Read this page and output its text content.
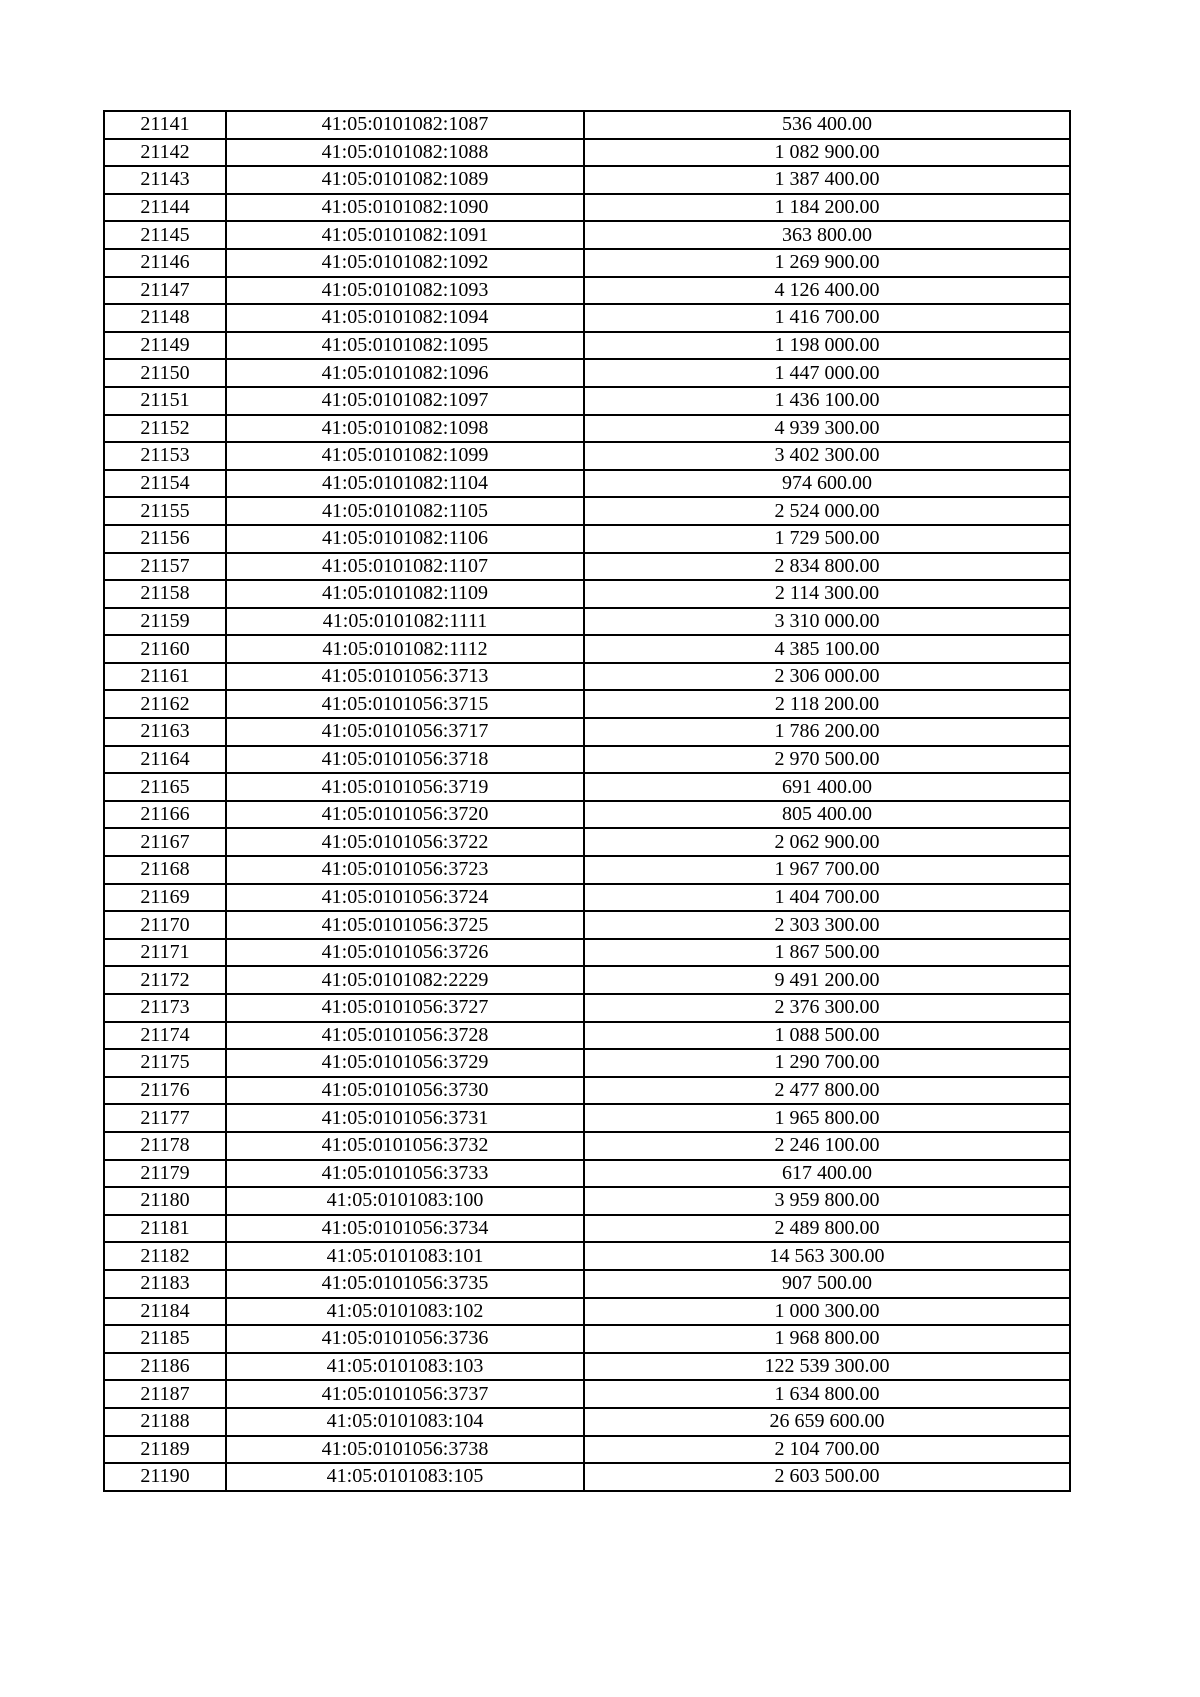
21141	41:05:0101082:1087	536 400.00
21142	41:05:0101082:1088	1 082 900.00
21143	41:05:0101082:1089	1 387 400.00
21144	41:05:0101082:1090	1 184 200.00
21145	41:05:0101082:1091	363 800.00
21146	41:05:0101082:1092	1 269 900.00
21147	41:05:0101082:1093	4 126 400.00
21148	41:05:0101082:1094	1 416 700.00
21149	41:05:0101082:1095	1 198 000.00
21150	41:05:0101082:1096	1 447 000.00
21151	41:05:0101082:1097	1 436 100.00
21152	41:05:0101082:1098	4 939 300.00
21153	41:05:0101082:1099	3 402 300.00
21154	41:05:0101082:1104	974 600.00
21155	41:05:0101082:1105	2 524 000.00
21156	41:05:0101082:1106	1 729 500.00
21157	41:05:0101082:1107	2 834 800.00
21158	41:05:0101082:1109	2 114 300.00
21159	41:05:0101082:1111	3 310 000.00
21160	41:05:0101082:1112	4 385 100.00
21161	41:05:0101056:3713	2 306 000.00
21162	41:05:0101056:3715	2 118 200.00
21163	41:05:0101056:3717	1 786 200.00
21164	41:05:0101056:3718	2 970 500.00
21165	41:05:0101056:3719	691 400.00
21166	41:05:0101056:3720	805 400.00
21167	41:05:0101056:3722	2 062 900.00
21168	41:05:0101056:3723	1 967 700.00
21169	41:05:0101056:3724	1 404 700.00
21170	41:05:0101056:3725	2 303 300.00
21171	41:05:0101056:3726	1 867 500.00
21172	41:05:0101082:2229	9 491 200.00
21173	41:05:0101056:3727	2 376 300.00
21174	41:05:0101056:3728	1 088 500.00
21175	41:05:0101056:3729	1 290 700.00
21176	41:05:0101056:3730	2 477 800.00
21177	41:05:0101056:3731	1 965 800.00
21178	41:05:0101056:3732	2 246 100.00
21179	41:05:0101056:3733	617 400.00
21180	41:05:0101083:100	3 959 800.00
21181	41:05:0101056:3734	2 489 800.00
21182	41:05:0101083:101	14 563 300.00
21183	41:05:0101056:3735	907 500.00
21184	41:05:0101083:102	1 000 300.00
21185	41:05:0101056:3736	1 968 800.00
21186	41:05:0101083:103	122 539 300.00
21187	41:05:0101056:3737	1 634 800.00
21188	41:05:0101083:104	26 659 600.00
21189	41:05:0101056:3738	2 104 700.00
21190	41:05:0101083:105	2 603 500.00
